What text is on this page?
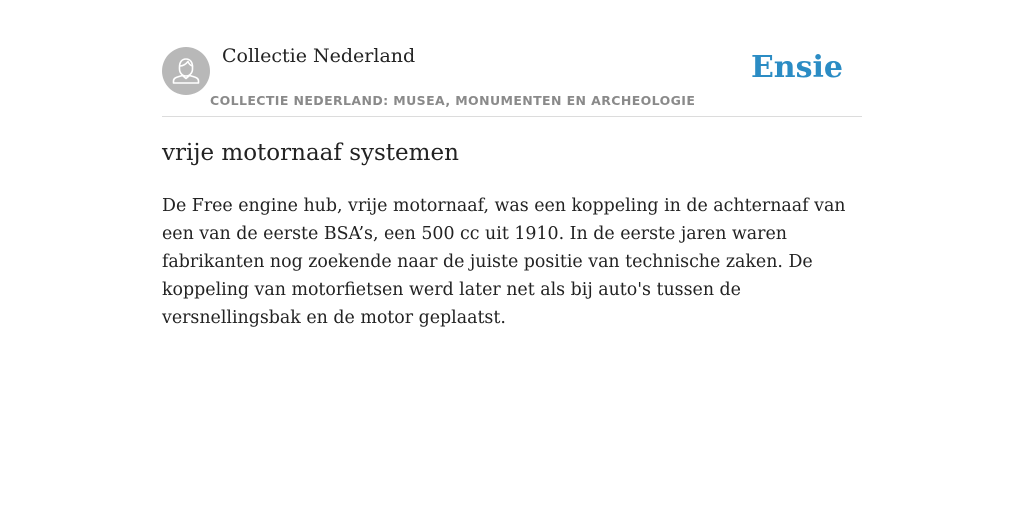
Collectie Nederland
COLLECTIE NEDERLAND: MUSEA, MONUMENTEN EN ARCHEOLOGIE
Ensie
vrije motornaaf systemen

De Free engine hub, vrije motornaaf, was een koppeling in de achternaaf van een van de eerste BSA’s, een 500 cc uit 1910. In de eerste jaren waren fabrikanten nog zoekende naar de juiste positie van technische zaken. De koppeling van motorfietsen werd later net als bij auto's tussen de versnellingsbak en de motor geplaatst.
